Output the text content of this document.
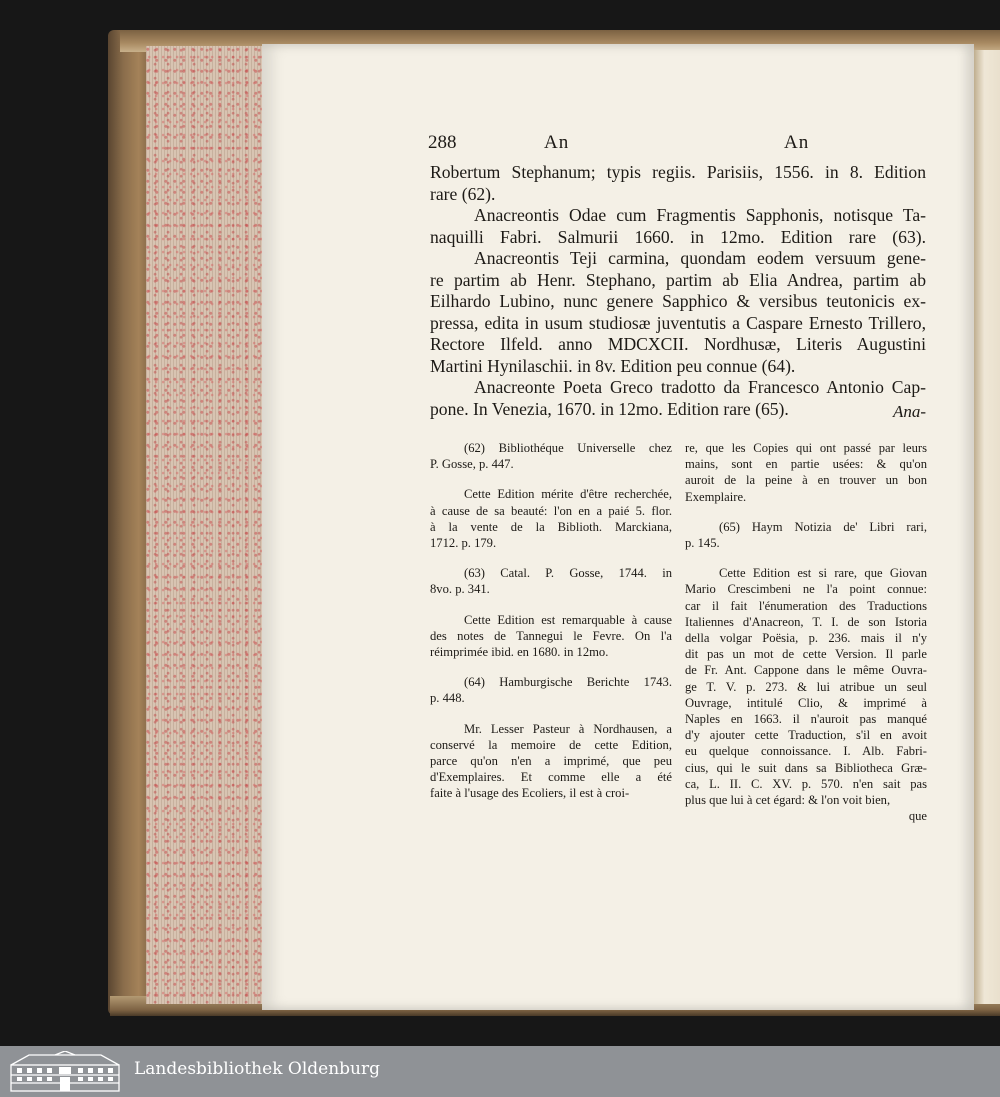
288	An	An
Robertum Stephanum; typis regiis. Parisiis, 1556. in 8. Edition
rare (62).
Anacreontis Odae cum Fragmentis Sapphonis, notisque Ta-
naquilli Fabri. Salmurii 1660. in 12mo. Edition rare (63).
Anacreontis Teji carmina, quondam eodem versuum gene-
re partim ab Henr. Stephano, partim ab Elia Andrea, partim ab
Eilhardo Lubino, nunc genere Sapphico & versibus teutonicis ex-
pressa, edita in usum studiosæ juventutis a Caspare Ernesto Trillero,
Rectore Ilfeld. anno MDCXCII. Nordhusæ, Literis Augustini
Martini Hynilaschii. in 8v. Edition peu connue (64).
Anacreonte Poeta Greco tradotto da Francesco Antonio Cap-
pone. In Venezia, 1670. in 12mo. Edition rare (65).	Ana-
(62) Bibliothéque Universelle chez
P. Gosse, p. 447.
Cette Edition mérite d'être recherchée,
à cause de sa beauté: l'on en a paié 5. flor.
à la vente de la Biblioth. Marckiana,
1712. p. 179.
(63) Catal. P. Gosse, 1744. in
8vo. p. 341.
Cette Edition est remarquable à cause
des notes de Tannegui le Fevre. On l'a
réimprimée ibid. en 1680. in 12mo.
(64) Hamburgische Berichte 1743.
p. 448.
Mr. Lesser Pasteur à Nordhausen, a
conservé la memoire de cette Edition,
parce qu'on n'en a imprimé, que peu
d'Exemplaires. Et comme elle a été
faite à l'usage des Ecoliers, il est à croi-
re, que les Copies qui ont passé par leurs
mains, sont en partie usées: & qu'on
auroit de la peine à en trouver un bon
Exemplaire.
(65) Haym Notizia de' Libri rari,
p. 145.
Cette Edition est si rare, que Giovan
Mario Crescimbeni ne l'a point connue:
car il fait l'énumeration des Traductions
Italiennes d'Anacreon, T. I. de son Istoria
della volgar Poësia, p. 236. mais il n'y
dit pas un mot de cette Version. Il parle
de Fr. Ant. Cappone dans le même Ouvra-
ge T. V. p. 273. & lui atribue un seul
Ouvrage, intitulé Clio, & imprimé à
Naples en 1663. il n'auroit pas manqué
d'y ajouter cette Traduction, s'il en avoit
eu quelque connoissance. I. Alb. Fabri-
cius, qui le suit dans sa Bibliotheca Græ-
ca, L. II. C. XV. p. 570. n'en sait pas
plus que lui à cet égard: & l'on voit bien,
que
Landesbibliothek Oldenburg
